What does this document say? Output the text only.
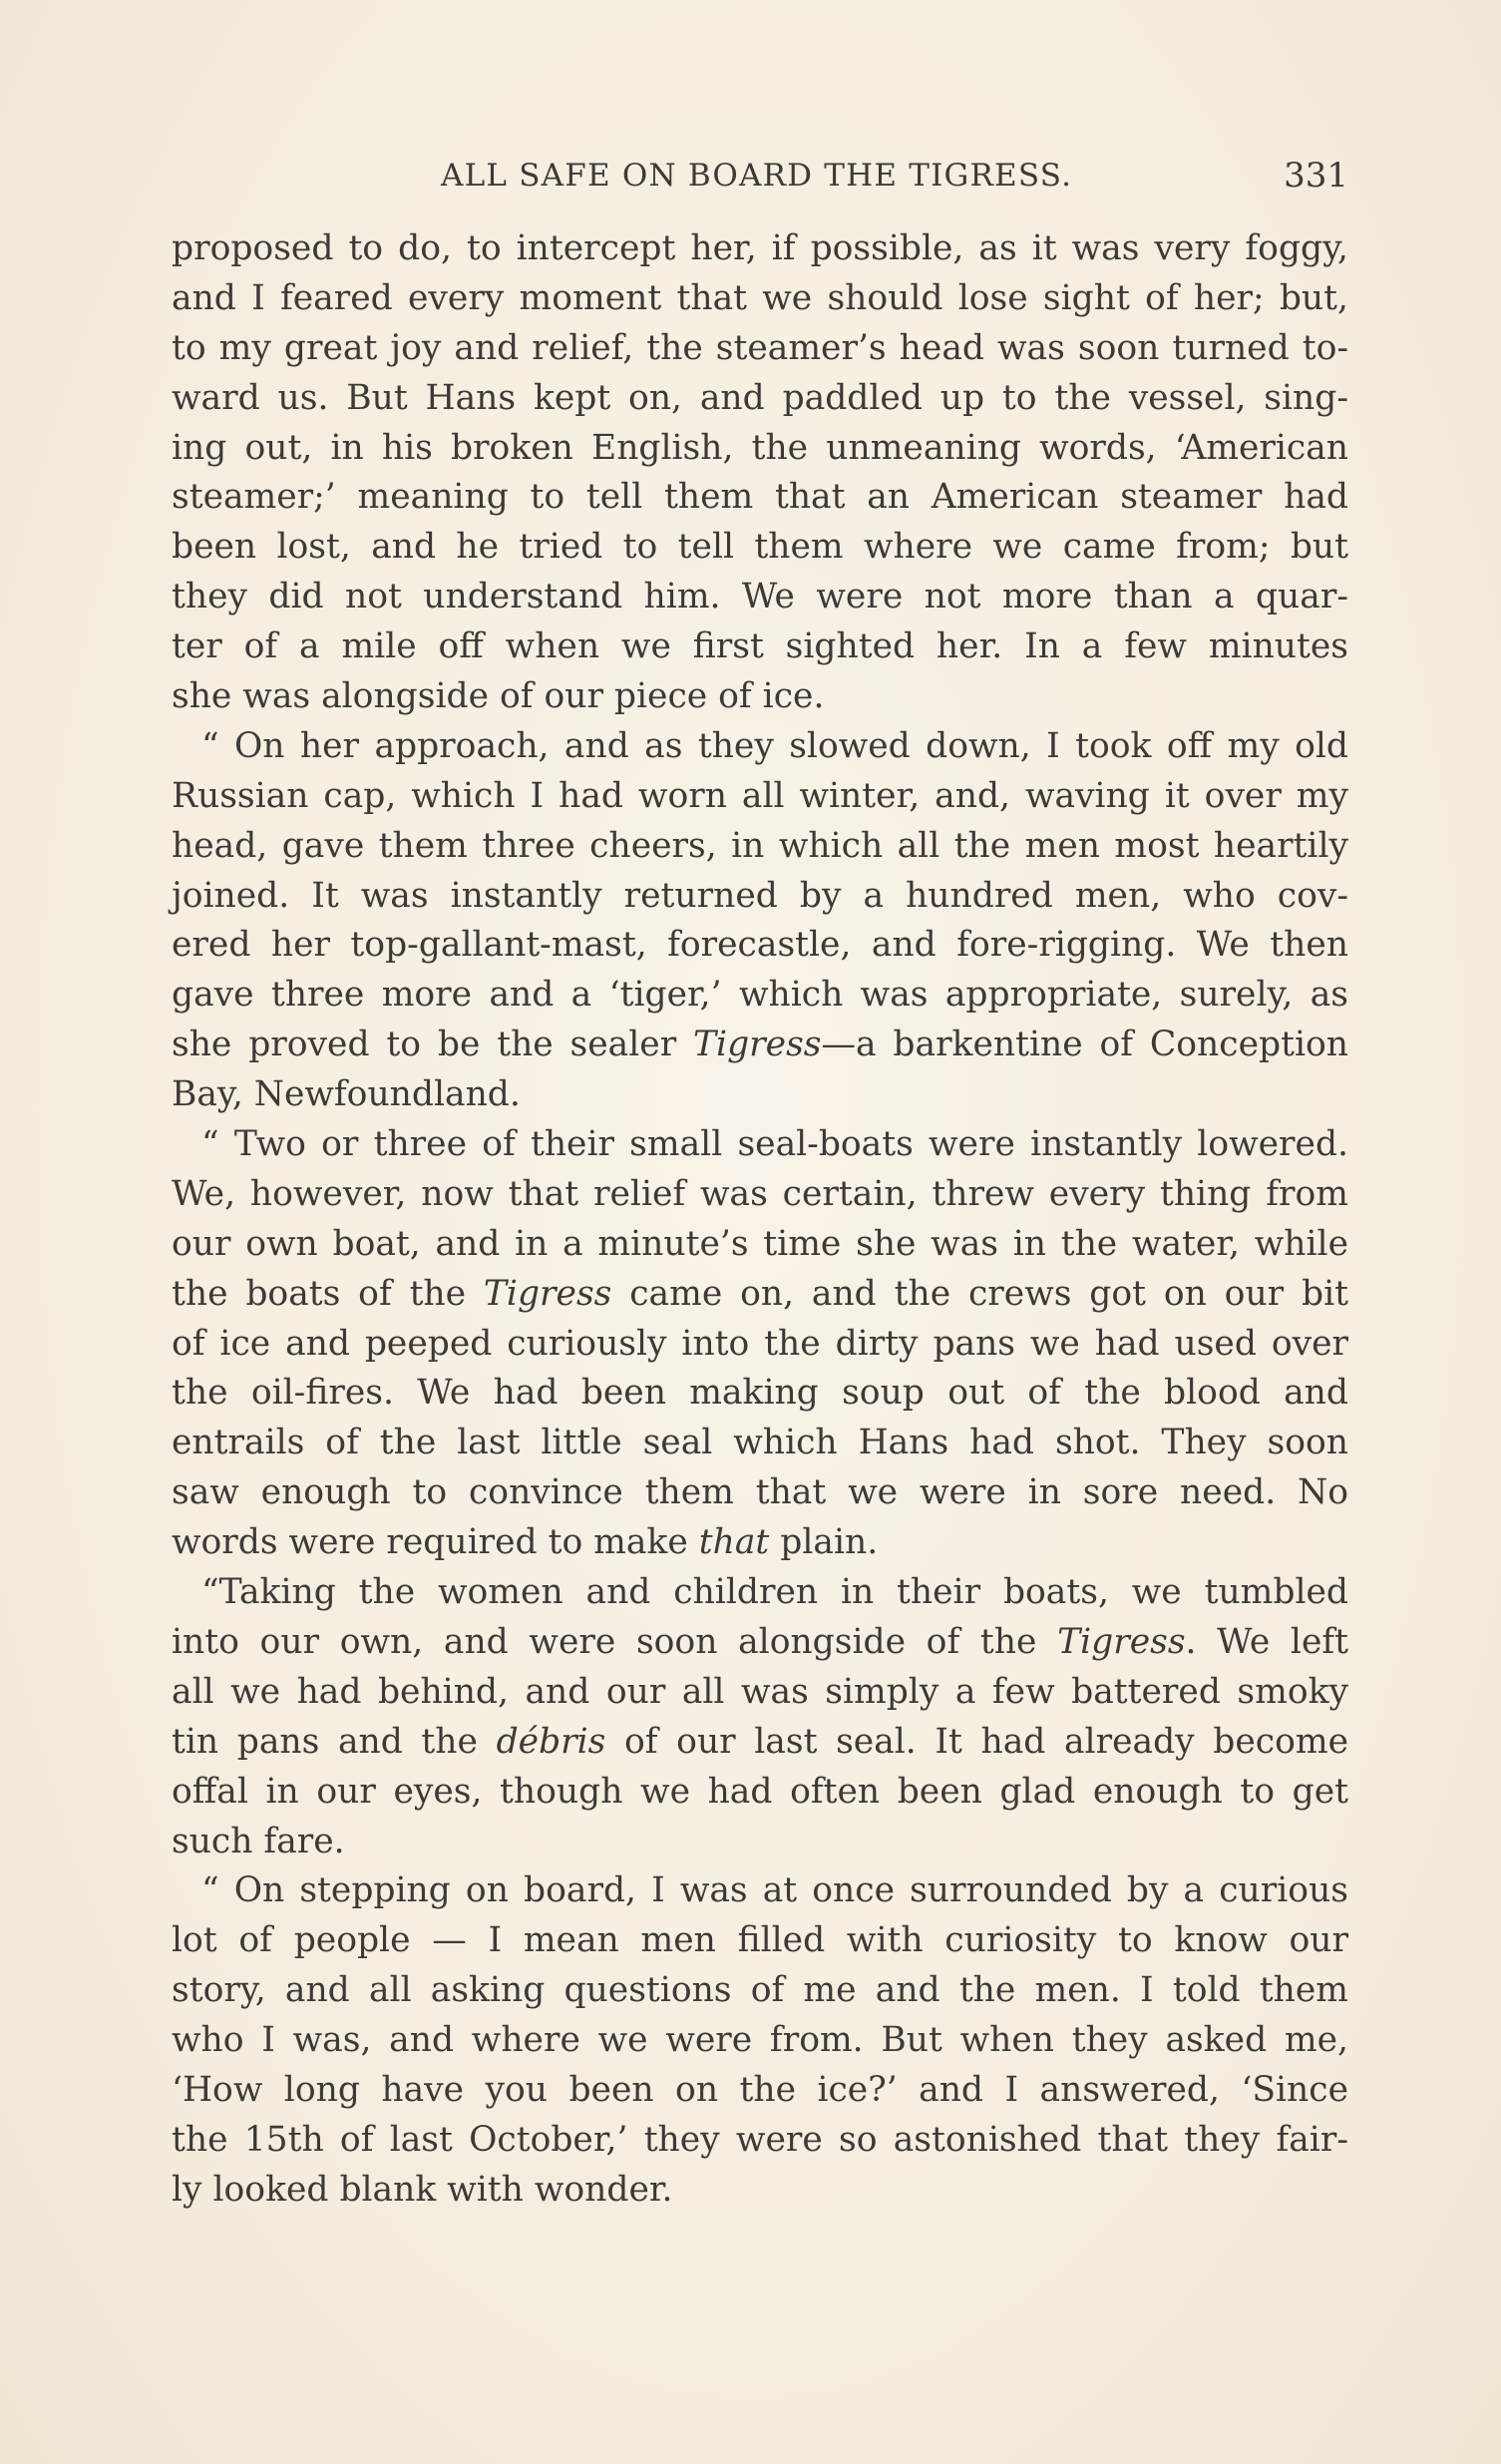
ALL SAFE ON BOARD THE TIGRESS.	331
proposed to do, to intercept her, if possible, as it was very foggy,
and I feared every moment that we should lose sight of her; but,
to my great joy and relief, the steamer’s head was soon turned to-
ward us. But Hans kept on, and paddled up to the vessel, sing-
ing out, in his broken English, the unmeaning words, ‘American
steamer;’ meaning to tell them that an American steamer had
been lost, and he tried to tell them where we came from; but
they did not understand him. We were not more than a quar-
ter of a mile off when we first sighted her. In a few minutes
she was alongside of our piece of ice.
“ On her approach, and as they slowed down, I took off my old
Russian cap, which I had worn all winter, and, waving it over my
head, gave them three cheers, in which all the men most heartily
joined. It was instantly returned by a hundred men, who cov-
ered her top-gallant-mast, forecastle, and fore-rigging. We then
gave three more and a ‘tiger,’ which was appropriate, surely, as
she proved to be the sealer Tigress—a barkentine of Conception
Bay, Newfoundland.
“ Two or three of their small seal-boats were instantly lowered.
We, however, now that relief was certain, threw every thing from
our own boat, and in a minute’s time she was in the water, while
the boats of the Tigress came on, and the crews got on our bit
of ice and peeped curiously into the dirty pans we had used over
the oil-fires. We had been making soup out of the blood and
entrails of the last little seal which Hans had shot. They soon
saw enough to convince them that we were in sore need. No
words were required to make that plain.
“Taking the women and children in their boats, we tumbled
into our own, and were soon alongside of the Tigress. We left
all we had behind, and our all was simply a few battered smoky
tin pans and the débris of our last seal. It had already become
offal in our eyes, though we had often been glad enough to get
such fare.
“ On stepping on board, I was at once surrounded by a curious
lot of people — I mean men filled with curiosity to know our
story, and all asking questions of me and the men. I told them
who I was, and where we were from. But when they asked me,
‘How long have you been on the ice?’ and I answered, ‘Since
the 15th of last October,’ they were so astonished that they fair-
ly looked blank with wonder.
